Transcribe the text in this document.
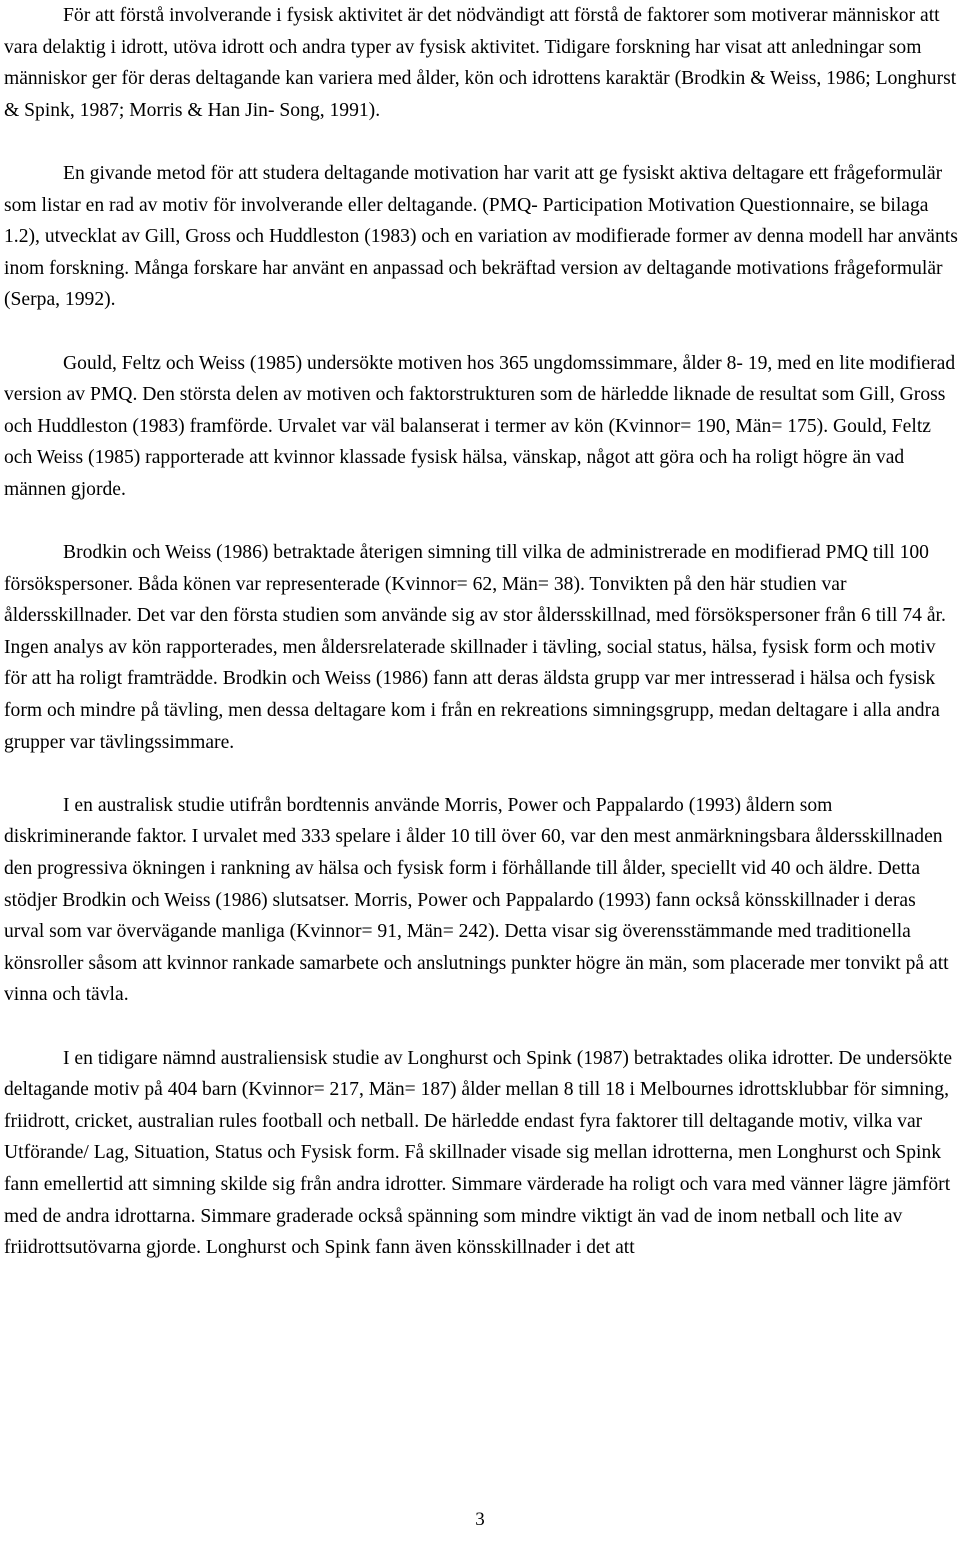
För att förstå involverande i fysisk aktivitet är det nödvändigt att förstå de faktorer som motiverar människor att vara delaktig i idrott, utöva idrott och andra typer av fysisk aktivitet. Tidigare forskning har visat att anledningar som människor ger för deras deltagande kan variera med ålder, kön och idrottens karaktär (Brodkin & Weiss, 1986; Longhurst & Spink, 1987; Morris & Han Jin- Song, 1991).

En givande metod för att studera deltagande motivation har varit att ge fysiskt aktiva deltagare ett frågeformulär som listar en rad av motiv för involverande eller deltagande. (PMQ- Participation Motivation Questionnaire, se bilaga 1.2), utvecklat av Gill, Gross och Huddleston (1983) och en variation av modifierade former av denna modell har använts inom forskning. Många forskare har använt en anpassad och bekräftad version av deltagande motivations frågeformulär (Serpa, 1992).

Gould, Feltz och Weiss (1985) undersökte motiven hos 365 ungdomssimmare, ålder 8- 19, med en lite modifierad version av PMQ. Den största delen av motiven och faktorstrukturen som de härledde liknade de resultat som Gill, Gross och Huddleston (1983) framförde. Urvalet var väl balanserat i termer av kön (Kvinnor= 190, Män= 175). Gould, Feltz och Weiss (1985) rapporterade att kvinnor klassade fysisk hälsa, vänskap, något att göra och ha roligt högre än vad männen gjorde.

Brodkin och Weiss (1986) betraktade återigen simning till vilka de administrerade en modifierad PMQ till 100 försökspersoner. Båda könen var representerade (Kvinnor= 62, Män= 38). Tonvikten på den här studien var åldersskillnader. Det var den första studien som använde sig av stor åldersskillnad, med försökspersoner från 6 till 74 år. Ingen analys av kön rapporterades, men åldersrelaterade skillnader i tävling, social status, hälsa, fysisk form och motiv för att ha roligt framträdde. Brodkin och Weiss (1986) fann att deras äldsta grupp var mer intresserad i hälsa och fysisk form och mindre på tävling, men dessa deltagare kom i från en rekreations simningsgrupp, medan deltagare i alla andra grupper var tävlingssimmare.

I en australisk studie utifrån bordtennis använde Morris, Power och Pappalardo (1993) åldern som diskriminerande faktor. I urvalet med 333 spelare i ålder 10 till över 60, var den mest anmärkningsbara åldersskillnaden den progressiva ökningen i rankning av hälsa och fysisk form i förhållande till ålder, speciellt vid 40 och äldre. Detta stödjer Brodkin och Weiss (1986) slutsatser. Morris, Power och Pappalardo (1993) fann också könsskillnader i deras urval som var övervägande manliga (Kvinnor= 91, Män= 242). Detta visar sig överensstämmande med traditionella könsroller såsom att kvinnor rankade samarbete och anslutnings punkter högre än män, som placerade mer tonvikt på att vinna och tävla.

I en tidigare nämnd australiensisk studie av Longhurst och Spink (1987) betraktades olika idrotter. De undersökte deltagande motiv på 404 barn (Kvinnor= 217, Män= 187) ålder mellan 8 till 18 i Melbournes idrottsklubbar för simning, friidrott, cricket, australian rules football och netball. De härledde endast fyra faktorer till deltagande motiv, vilka var Utförande/ Lag, Situation, Status och Fysisk form. Få skillnader visade sig mellan idrotterna, men Longhurst och Spink fann emellertid att simning skilde sig från andra idrotter. Simmare värderade ha roligt och vara med vänner lägre jämfört med de andra idrottarna. Simmare graderade också spänning som mindre viktigt än vad de inom netball och lite av friidrottsutövarna gjorde. Longhurst och Spink fann även könsskillnader i det att

3
